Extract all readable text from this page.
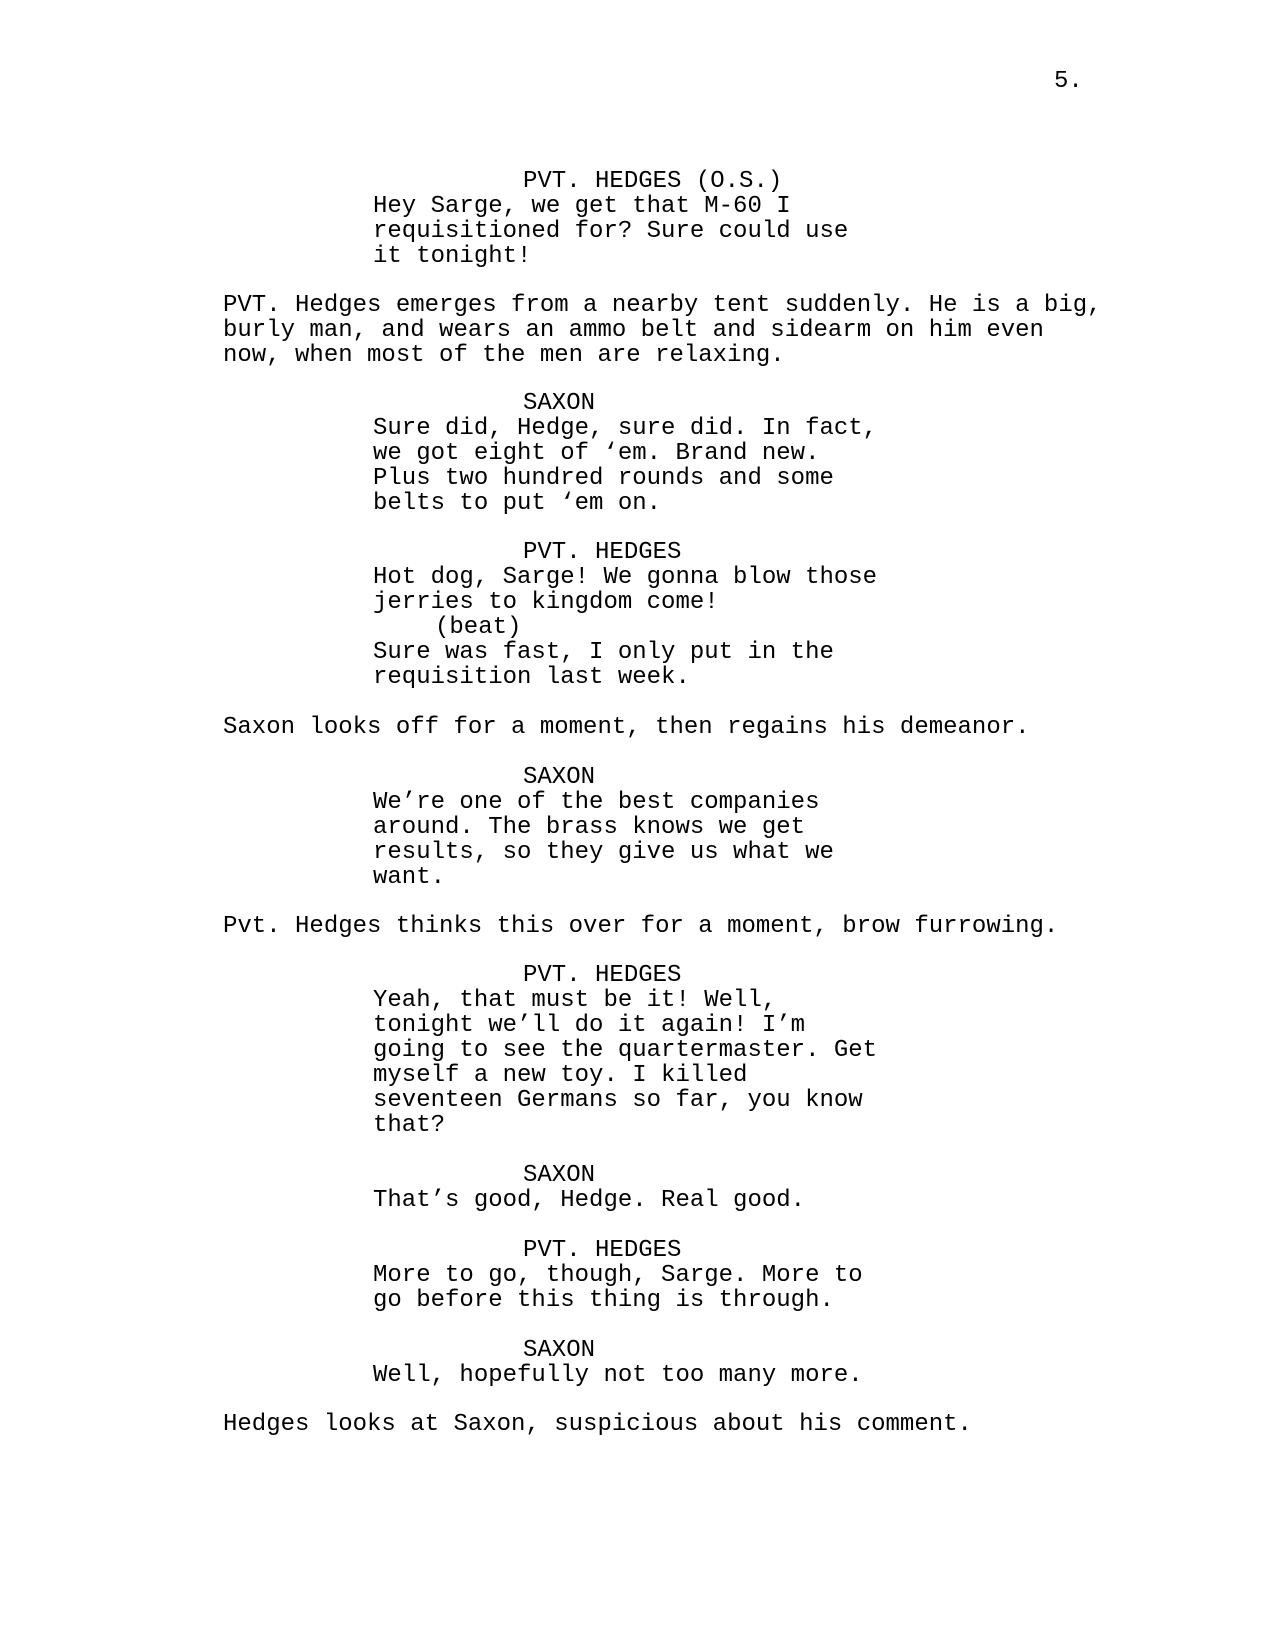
5.
PVT. HEDGES (O.S.)
Hey Sarge, we get that M-60 I
requisitioned for? Sure could use
it tonight!
PVT. Hedges emerges from a nearby tent suddenly. He is a big,
burly man, and wears an ammo belt and sidearm on him even
now, when most of the men are relaxing.
SAXON
Sure did, Hedge, sure did. In fact,
we got eight of ‘em. Brand new.
Plus two hundred rounds and some
belts to put ‘em on.
PVT. HEDGES
Hot dog, Sarge! We gonna blow those
jerries to kingdom come!
(beat)
Sure was fast, I only put in the
requisition last week.
Saxon looks off for a moment, then regains his demeanor.
SAXON
We’re one of the best companies
around. The brass knows we get
results, so they give us what we
want.
Pvt. Hedges thinks this over for a moment, brow furrowing.
PVT. HEDGES
Yeah, that must be it! Well,
tonight we’ll do it again! I’m
going to see the quartermaster. Get
myself a new toy. I killed
seventeen Germans so far, you know
that?
SAXON
That’s good, Hedge. Real good.
PVT. HEDGES
More to go, though, Sarge. More to
go before this thing is through.
SAXON
Well, hopefully not too many more.
Hedges looks at Saxon, suspicious about his comment.
